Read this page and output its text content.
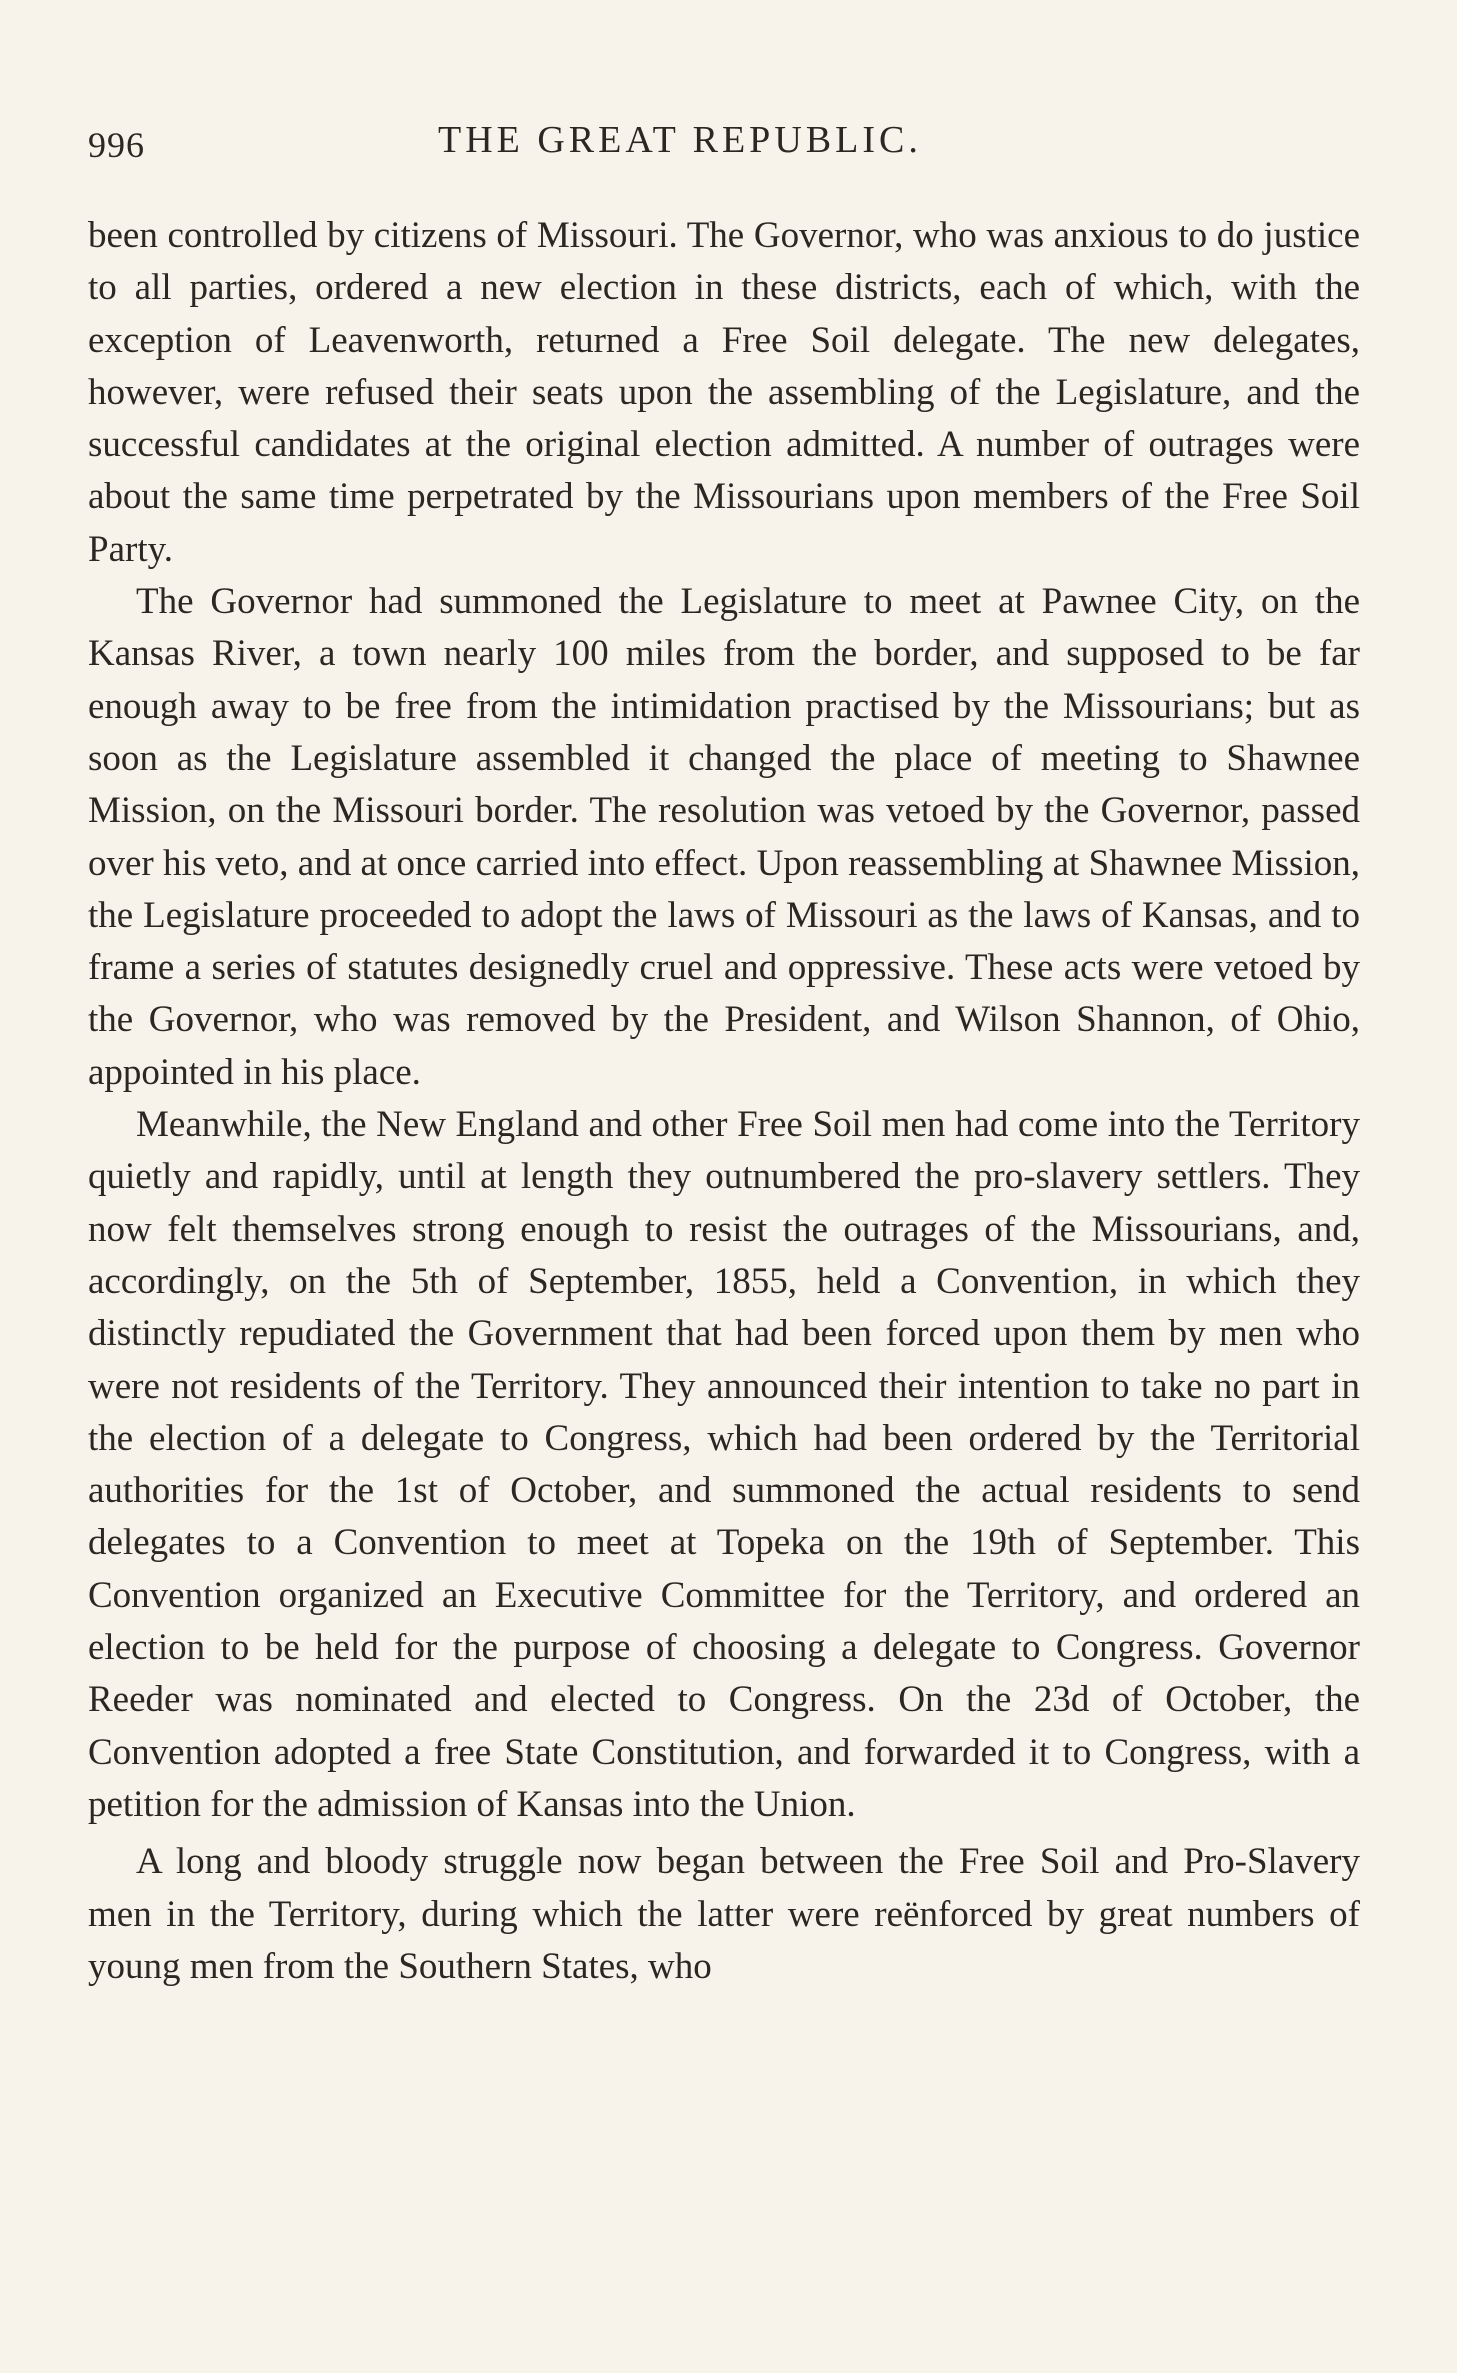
996	THE GREAT REPUBLIC.

been controlled by citizens of Missouri. The Governor, who was anxious to do justice to all parties, ordered a new election in these districts, each of which, with the exception of Leavenworth, returned a Free Soil delegate. The new delegates, however, were refused their seats upon the assembling of the Legislature, and the successful candidates at the original election admitted. A number of outrages were about the same time perpetrated by the Missourians upon members of the Free Soil Party.

The Governor had summoned the Legislature to meet at Pawnee City, on the Kansas River, a town nearly 100 miles from the border, and supposed to be far enough away to be free from the intimidation practised by the Missourians; but as soon as the Legislature assembled it changed the place of meeting to Shawnee Mission, on the Missouri border. The resolution was vetoed by the Governor, passed over his veto, and at once carried into effect. Upon reassembling at Shawnee Mission, the Legislature proceeded to adopt the laws of Missouri as the laws of Kansas, and to frame a series of statutes designedly cruel and oppressive. These acts were vetoed by the Governor, who was removed by the President, and Wilson Shannon, of Ohio, appointed in his place.

Meanwhile, the New England and other Free Soil men had come into the Territory quietly and rapidly, until at length they outnumbered the pro-slavery settlers. They now felt themselves strong enough to resist the outrages of the Missourians, and, accordingly, on the 5th of September, 1855, held a Convention, in which they distinctly repudiated the Government that had been forced upon them by men who were not residents of the Territory. They announced their intention to take no part in the election of a delegate to Congress, which had been ordered by the Territorial authorities for the 1st of October, and summoned the actual residents to send delegates to a Convention to meet at Topeka on the 19th of September. This Convention organized an Executive Committee for the Territory, and ordered an election to be held for the purpose of choosing a delegate to Congress. Governor Reeder was nominated and elected to Congress. On the 23d of October, the Convention adopted a free State Constitution, and forwarded it to Congress, with a petition for the admission of Kansas into the Union.

A long and bloody struggle now began between the Free Soil and Pro-Slavery men in the Territory, during which the latter were reënforced by great numbers of young men from the Southern States, who
